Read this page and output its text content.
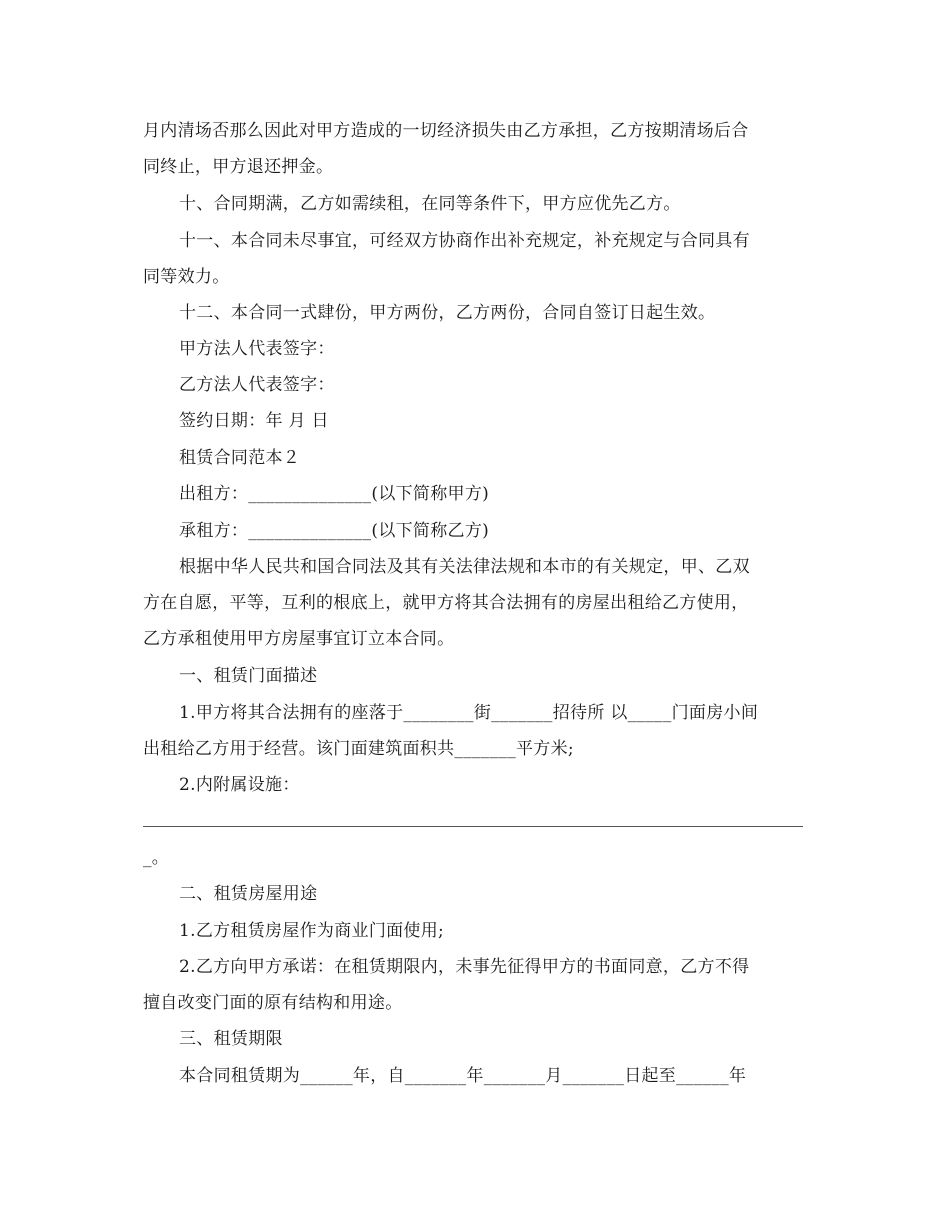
月内清场否那么因此对甲方造成的一切经济损失由乙方承担，乙方按期清场后合
同终止，甲方退还押金。
十、合同期满，乙方如需续租，在同等条件下，甲方应优先乙方。
十一、本合同未尽事宜，可经双方协商作出补充规定，补充规定与合同具有
同等效力。
十二、本合同一式肆份，甲方两份，乙方两份，合同自签订日起生效。
甲方法人代表签字：
乙方法人代表签字：
签约日期：年 月 日
租赁合同范本２
出租方：______________(以下简称甲方)
承租方：______________(以下简称乙方)
根据中华人民共和国合同法及其有关法律法规和本市的有关规定，甲、乙双
方在自愿，平等，互利的根底上，就甲方将其合法拥有的房屋出租给乙方使用，
乙方承租使用甲方房屋事宜订立本合同。
一、租赁门面描述
1.甲方将其合法拥有的座落于________街_______招待所 以_____门面房小间
出租给乙方用于经营。该门面建筑面积共_______平方米;
2.内附属设施：
_。
二、租赁房屋用途
1.乙方租赁房屋作为商业门面使用;
2.乙方向甲方承诺：在租赁期限内，未事先征得甲方的书面同意，乙方不得
擅自改变门面的原有结构和用途。
三、租赁期限
本合同租赁期为______年，自_______年_______月_______日起至______年
